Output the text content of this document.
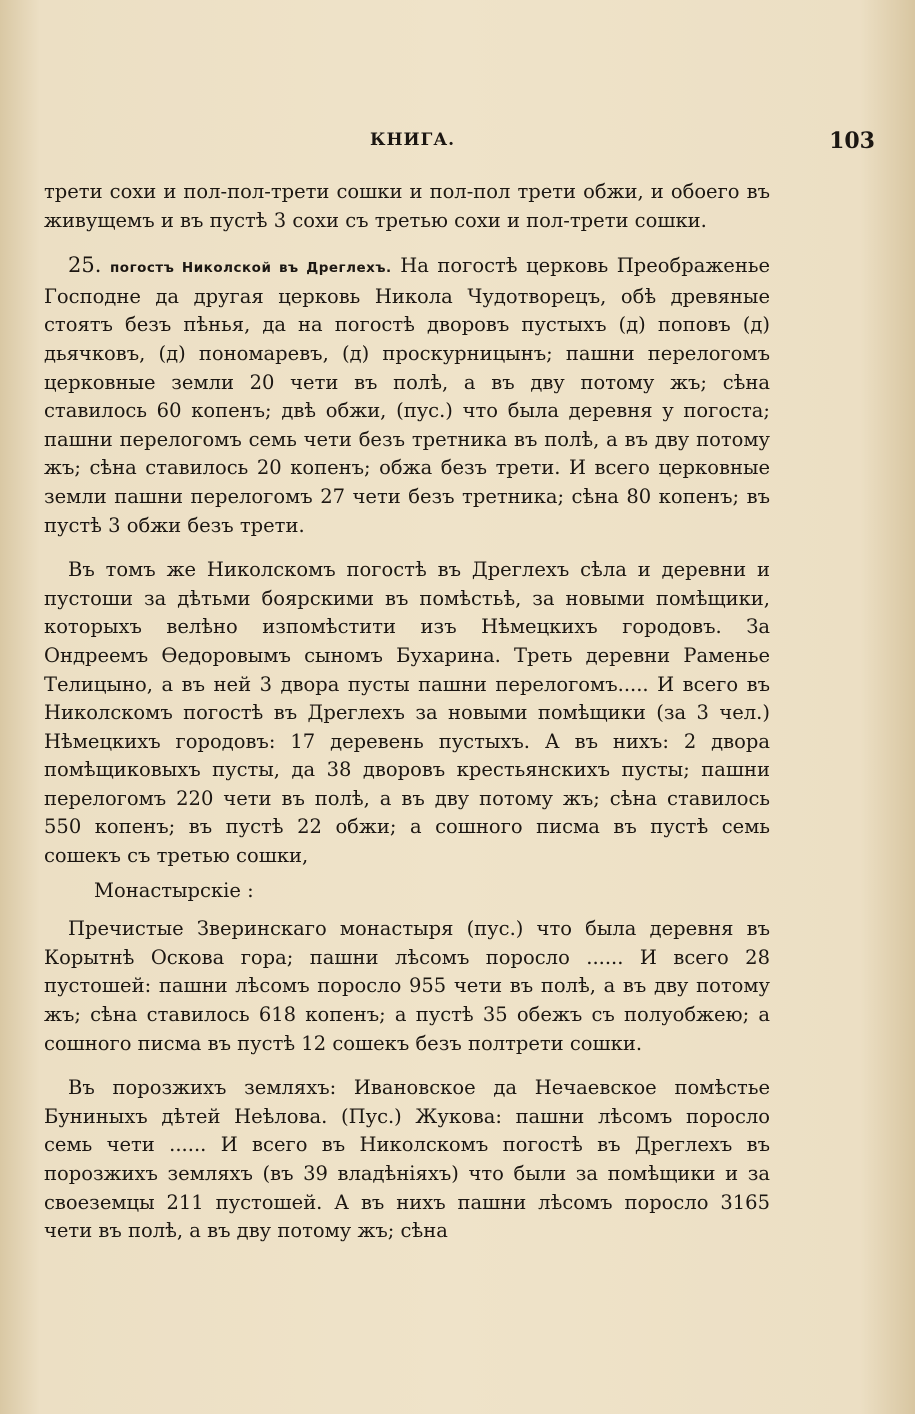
КНИГА.	103

трети сохи и пол-пол-трети сошки и пол-пол трети обжи, и обоего въ живущемъ и въ пустѣ 3 сохи съ третью сохи и пол-трети сошки.

25. погостъ Николской въ Дреглехъ. На погостѣ церковь Преображенье Господне да другая церковь Никола Чудотворецъ, обѣ древяные стоятъ безъ пѣнья, да на погостѣ дворовъ пустыхъ (д) поповъ (д) дьячковъ, (д) пономаревъ, (д) проскурницынъ; пашни перелогомъ церковные земли 20 чети въ полѣ, а въ дву потому жъ; сѣна ставилось 60 копенъ; двѣ обжи, (пус.) что была деревня у погоста; пашни перелогомъ семь чети безъ третника въ полѣ, а въ дву потому жъ; сѣна ставилось 20 копенъ; обжа безъ трети. И всего церковные земли пашни перелогомъ 27 чети безъ третника; сѣна 80 копенъ; въ пустѣ 3 обжи безъ трети.

Въ томъ же Николскомъ погостѣ въ Дреглехъ сѣла и деревни и пустоши за дѣтьми боярскими въ помѣстьѣ, за новыми помѣщики, которыхъ велѣно изпомѣстити изъ Нѣмецкихъ городовъ. За Ондреемъ Ѳедоровымъ сыномъ Бухарина. Треть деревни Раменье Телицыно, а въ ней 3 двора пусты пашни перелогомъ..... И всего въ Николскомъ погостѣ въ Дреглехъ за новыми помѣщики (за 3 чел.) Нѣмецкихъ городовъ: 17 деревень пустыхъ. А въ нихъ: 2 двора помѣщиковыхъ пусты, да 38 дворовъ крестьянскихъ пусты; пашни перелогомъ 220 чети въ полѣ, а въ дву потому жъ; сѣна ставилось 550 копенъ; въ пустѣ 22 обжи; а сошного писма въ пустѣ семь сошекъ съ третью сошки,

Монастырскіе :

Пречистые Зверинскаго монастыря (пус.) что была деревня въ Корытнѣ Оскова гора; пашни лѣсомъ поросло ...... И всего 28 пустошей: пашни лѣсомъ поросло 955 чети въ полѣ, а въ дву потому жъ; сѣна ставилось 618 копенъ; а пустѣ 35 обежъ съ полуобжею; а сошного писма въ пустѣ 12 сошекъ безъ полтрети сошки.

Въ порозжихъ земляхъ: Ивановское да Нечаевское помѣстье Буниныхъ дѣтей Неѣлова. (Пус.) Жукова: пашни лѣсомъ поросло семь чети ...... И всего въ Николскомъ погостѣ въ Дреглехъ въ порозжихъ земляхъ (въ 39 владѣніяхъ) что были за помѣщики и за своеземцы 211 пустошей. А въ нихъ пашни лѣсомъ поросло 3165 чети въ полѣ, а въ дву потому жъ; сѣна
